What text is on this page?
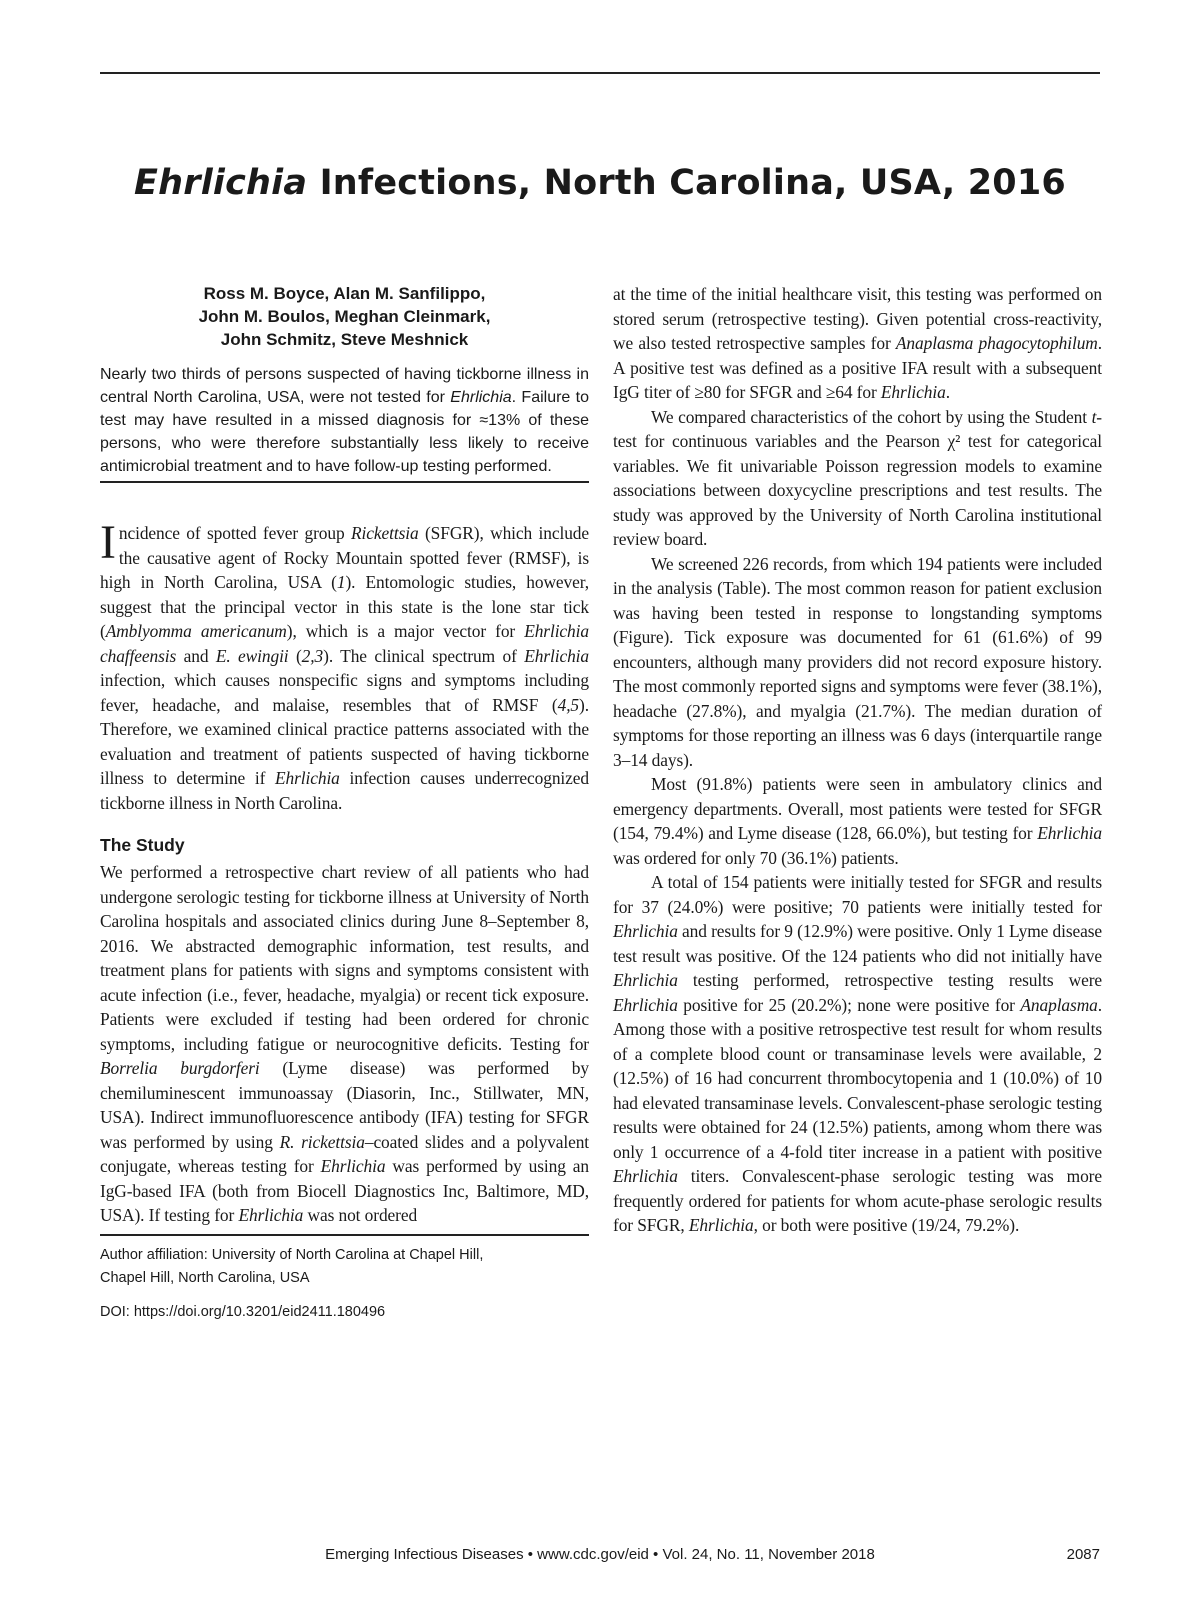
Ehrlichia Infections, North Carolina, USA, 2016
Ross M. Boyce, Alan M. Sanfilippo,
John M. Boulos, Meghan Cleinmark,
John Schmitz, Steve Meshnick

Nearly two thirds of persons suspected of having tickborne illness in central North Carolina, USA, were not tested for Ehrlichia. Failure to test may have resulted in a missed diagnosis for ≈13% of these persons, who were therefore substantially less likely to receive antimicrobial treatment and to have follow-up testing performed.

Incidence of spotted fever group Rickettsia (SFGR), which include the causative agent of Rocky Mountain spotted fever (RMSF), is high in North Carolina, USA (1). Entomologic studies, however, suggest that the principal vector in this state is the lone star tick (Amblyomma americanum), which is a major vector for Ehrlichia chaffeensis and E. ewingii (2,3). The clinical spectrum of Ehrlichia infection, which causes nonspecific signs and symptoms including fever, headache, and malaise, resembles that of RMSF (4,5). Therefore, we examined clinical practice patterns associated with the evaluation and treatment of patients suspected of having tickborne illness to determine if Ehrlichia infection causes underrecognized tickborne illness in North Carolina.

The Study

We performed a retrospective chart review of all patients who had undergone serologic testing for tickborne illness at University of North Carolina hospitals and associated clinics during June 8–September 8, 2016. We abstracted demographic information, test results, and treatment plans for patients with signs and symptoms consistent with acute infection (i.e., fever, headache, myalgia) or recent tick exposure. Patients were excluded if testing had been ordered for chronic symptoms, including fatigue or neurocognitive deficits. Testing for Borrelia burgdorferi (Lyme disease) was performed by chemiluminescent immunoassay (Diasorin, Inc., Stillwater, MN, USA). Indirect immunofluorescence antibody (IFA) testing for SFGR was performed by using R. rickettsia–coated slides and a polyvalent conjugate, whereas testing for Ehrlichia was performed by using an IgG-based IFA (both from Biocell Diagnostics Inc, Baltimore, MD, USA). If testing for Ehrlichia was not ordered

Author affiliation: University of North Carolina at Chapel Hill,
Chapel Hill, North Carolina, USA
DOI: https://doi.org/10.3201/eid2411.180496

at the time of the initial healthcare visit, this testing was performed on stored serum (retrospective testing). Given potential cross-reactivity, we also tested retrospective samples for Anaplasma phagocytophilum. A positive test was defined as a positive IFA result with a subsequent IgG titer of ≥80 for SFGR and ≥64 for Ehrlichia.

We compared characteristics of the cohort by using the Student t-test for continuous variables and the Pearson χ² test for categorical variables. We fit univariable Poisson regression models to examine associations between doxycycline prescriptions and test results. The study was approved by the University of North Carolina institutional review board.

We screened 226 records, from which 194 patients were included in the analysis (Table). The most common reason for patient exclusion was having been tested in response to longstanding symptoms (Figure). Tick exposure was documented for 61 (61.6%) of 99 encounters, although many providers did not record exposure history. The most commonly reported signs and symptoms were fever (38.1%), headache (27.8%), and myalgia (21.7%). The median duration of symptoms for those reporting an illness was 6 days (interquartile range 3–14 days).

Most (91.8%) patients were seen in ambulatory clinics and emergency departments. Overall, most patients were tested for SFGR (154, 79.4%) and Lyme disease (128, 66.0%), but testing for Ehrlichia was ordered for only 70 (36.1%) patients.

A total of 154 patients were initially tested for SFGR and results for 37 (24.0%) were positive; 70 patients were initially tested for Ehrlichia and results for 9 (12.9%) were positive. Only 1 Lyme disease test result was positive. Of the 124 patients who did not initially have Ehrlichia testing performed, retrospective testing results were Ehrlichia positive for 25 (20.2%); none were positive for Anaplasma. Among those with a positive retrospective test result for whom results of a complete blood count or transaminase levels were available, 2 (12.5%) of 16 had concurrent thrombocytopenia and 1 (10.0%) of 10 had elevated transaminase levels. Convalescent-phase serologic testing results were obtained for 24 (12.5%) patients, among whom there was only 1 occurrence of a 4-fold titer increase in a patient with positive Ehrlichia titers. Convalescent-phase serologic testing was more frequently ordered for patients for whom acute-phase serologic results for SFGR, Ehrlichia, or both were positive (19/24, 79.2%).

Emerging Infectious Diseases • www.cdc.gov/eid • Vol. 24, No. 11, November 2018	2087
